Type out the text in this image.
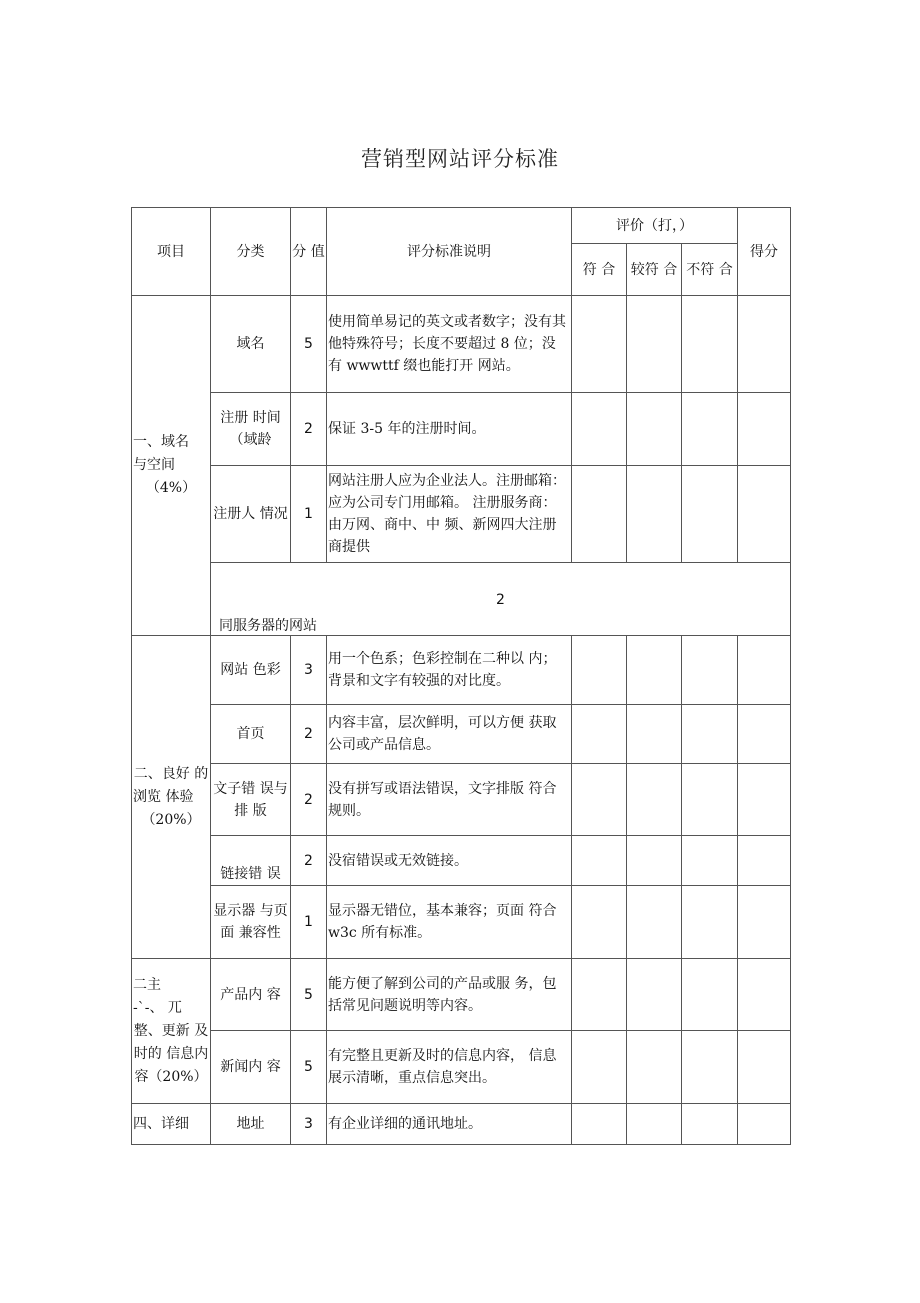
营销型网站评分标准
项目	分类	分 值	评分标准说明	评价（打，）			得分
				符 合	较符 合	不符 合	

一、域名
与空间
（4%）	域名	5	使用简单易记的英文或者数字；没有其他特殊符号；长度不要超过 8 位；没有 wwwttf 缀也能打开 网站。				
	注册 时间 （域龄	2	保证 3-5 年的注册时间。				
	注册人 情况	1	网站注册人应为企业法人。注册邮箱：应为公司专门用邮箱。 注册服务商：由万网、商中、中 频、新网四大注册商提供				

	2
同服务器的网站						

二、良好 的
浏览 体验
（20%）	网站 色彩	3	用一个色系；色彩控制在二种以 内；背景和文字有较强的对比度。				
	首页	2	内容丰富，层次鲜明，可以方便 获取公司或产品信息。				
	文子错 误与排 版	2	没有拼写或语法错误，文字排版 符合规则。				
	链接错 误	2	没宿错误或无效链接。				
	显示器 与页面 兼容性	1	显示器无错位，基本兼容；页面 符合 w3c 所有标准。				

二主
-`-、 兀
整、更新 及
时的 信息内
容（20%）	产品内 容	5	能方便了解到公司的产品或服 务，包括常见问题说明等内容。				
	新闻内 容	5	有完整且更新及时的信息内容， 信息展示清晰，重点信息突出。				
四、详细	地址	3	有企业详细的通讯地址。				
